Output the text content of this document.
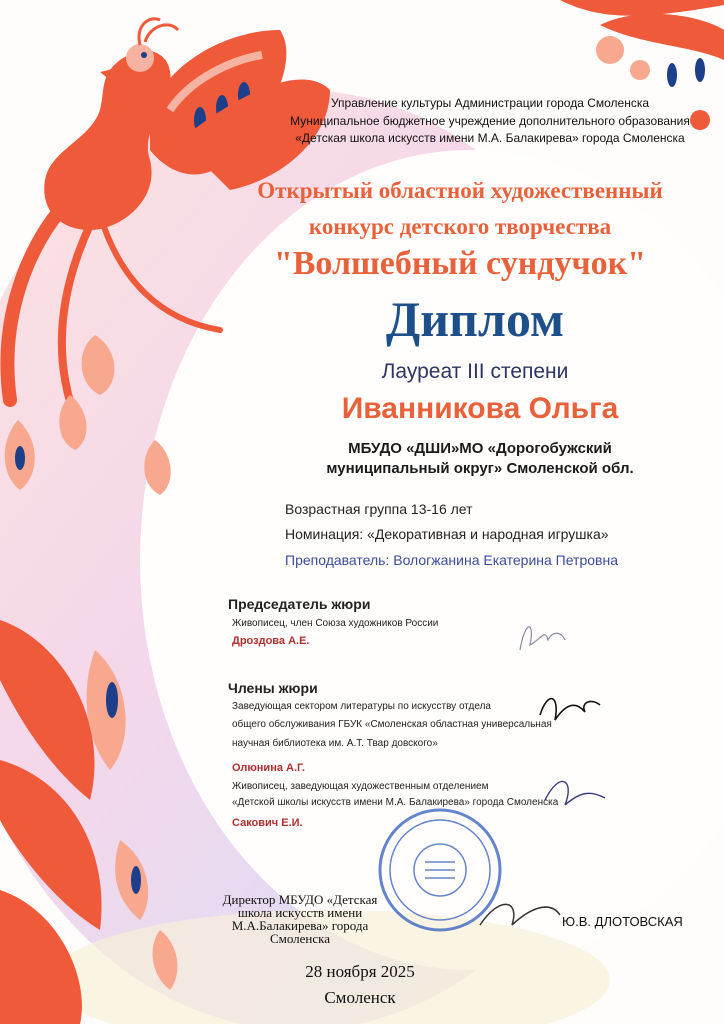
Управление культуры Администрации города Смоленска
Муниципальное бюджетное учреждение дополнительного образования
«Детская школа искусств имени М.А. Балакирева» города Смоленска
Открытый областной художественный
конкурс детского творчества
"Волшебный сундучок"
Диплом
Лауреат III степени
Иванникова Ольга
МБУДО «ДШИ»МО «Дорогобужский
муниципальный округ» Смоленской обл.
Возрастная группа 13-16 лет
Номинация: «Декоративная и народная игрушка»
Преподаватель: Вологжанина Екатерина Петровна
Председатель жюри
Живописец, член Союза художников России
Дроздова А.Е.
Члены жюри
Заведующая сектором литературы по искусству отдела
общего обслуживания ГБУК «Смоленская областная универсальная
научная библиотека им. А.Т. Твар довского»
Олюнина А.Г.
Живописец, заведующая художественным отделением
«Детской школы искусств имени М.А. Балакирева» города Смоленска
Сакович Е.И.
Директор МБУДО «Детская
школа искусств имени
М.А.Балакирева» города
Смоленска
Ю.В. ДЛОТОВСКАЯ
28 ноября 2025
Смоленск
